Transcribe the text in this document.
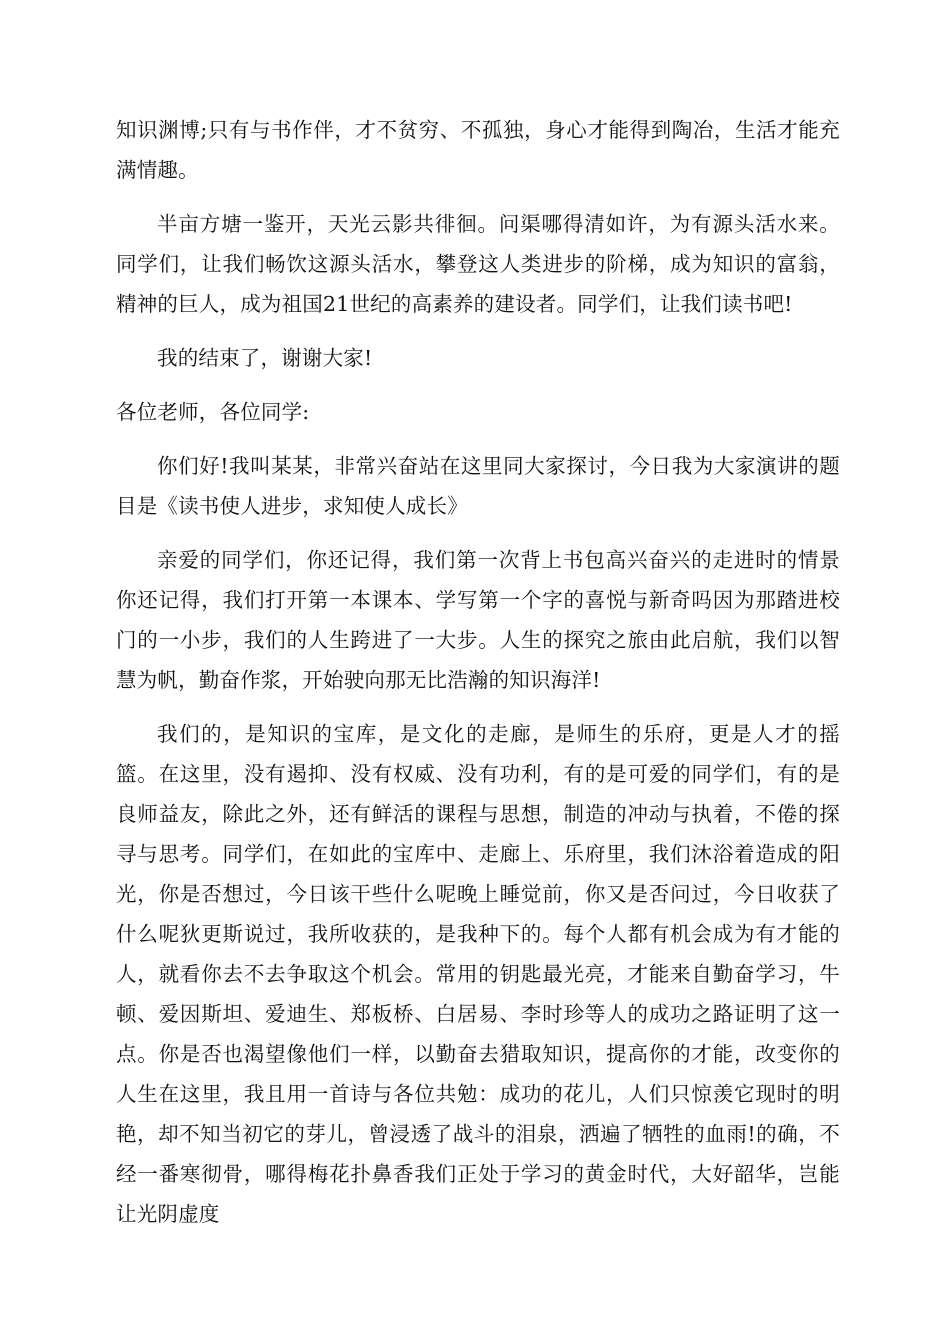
知识渊博;只有与书作伴，才不贫穷、不孤独，身心才能得到陶冶，生活才能充满情趣。

半亩方塘一鉴开，天光云影共徘徊。问渠哪得清如许，为有源头活水来。同学们，让我们畅饮这源头活水，攀登这人类进步的阶梯，成为知识的富翁，精神的巨人，成为祖国21世纪的高素养的建设者。同学们，让我们读书吧!

我的结束了，谢谢大家!

各位老师，各位同学:

你们好!我叫某某，非常兴奋站在这里同大家探讨，今日我为大家演讲的题目是《读书使人进步，求知使人成长》

亲爱的同学们，你还记得，我们第一次背上书包高兴奋兴的走进时的情景你还记得，我们打开第一本课本、学写第一个字的喜悦与新奇吗因为那踏进校门的一小步，我们的人生跨进了一大步。人生的探究之旅由此启航，我们以智慧为帆，勤奋作浆，开始驶向那无比浩瀚的知识海洋!

我们的，是知识的宝库，是文化的走廊，是师生的乐府，更是人才的摇篮。在这里，没有遏抑、没有权威、没有功利，有的是可爱的同学们，有的是良师益友，除此之外，还有鲜活的课程与思想，制造的冲动与执着，不倦的探寻与思考。同学们，在如此的宝库中、走廊上、乐府里，我们沐浴着造成的阳光，你是否想过，今日该干些什么呢晚上睡觉前，你又是否问过，今日收获了什么呢狄更斯说过，我所收获的，是我种下的。每个人都有机会成为有才能的人，就看你去不去争取这个机会。常用的钥匙最光亮，才能来自勤奋学习，牛顿、爱因斯坦、爱迪生、郑板桥、白居易、李时珍等人的成功之路证明了这一点。你是否也渴望像他们一样，以勤奋去猎取知识，提高你的才能，改变你的人生在这里，我且用一首诗与各位共勉：成功的花儿，人们只惊羡它现时的明艳，却不知当初它的芽儿，曾浸透了战斗的泪泉，洒遍了牺牲的血雨!的确，不经一番寒彻骨，哪得梅花扑鼻香我们正处于学习的黄金时代，大好韶华，岂能让光阴虚度
